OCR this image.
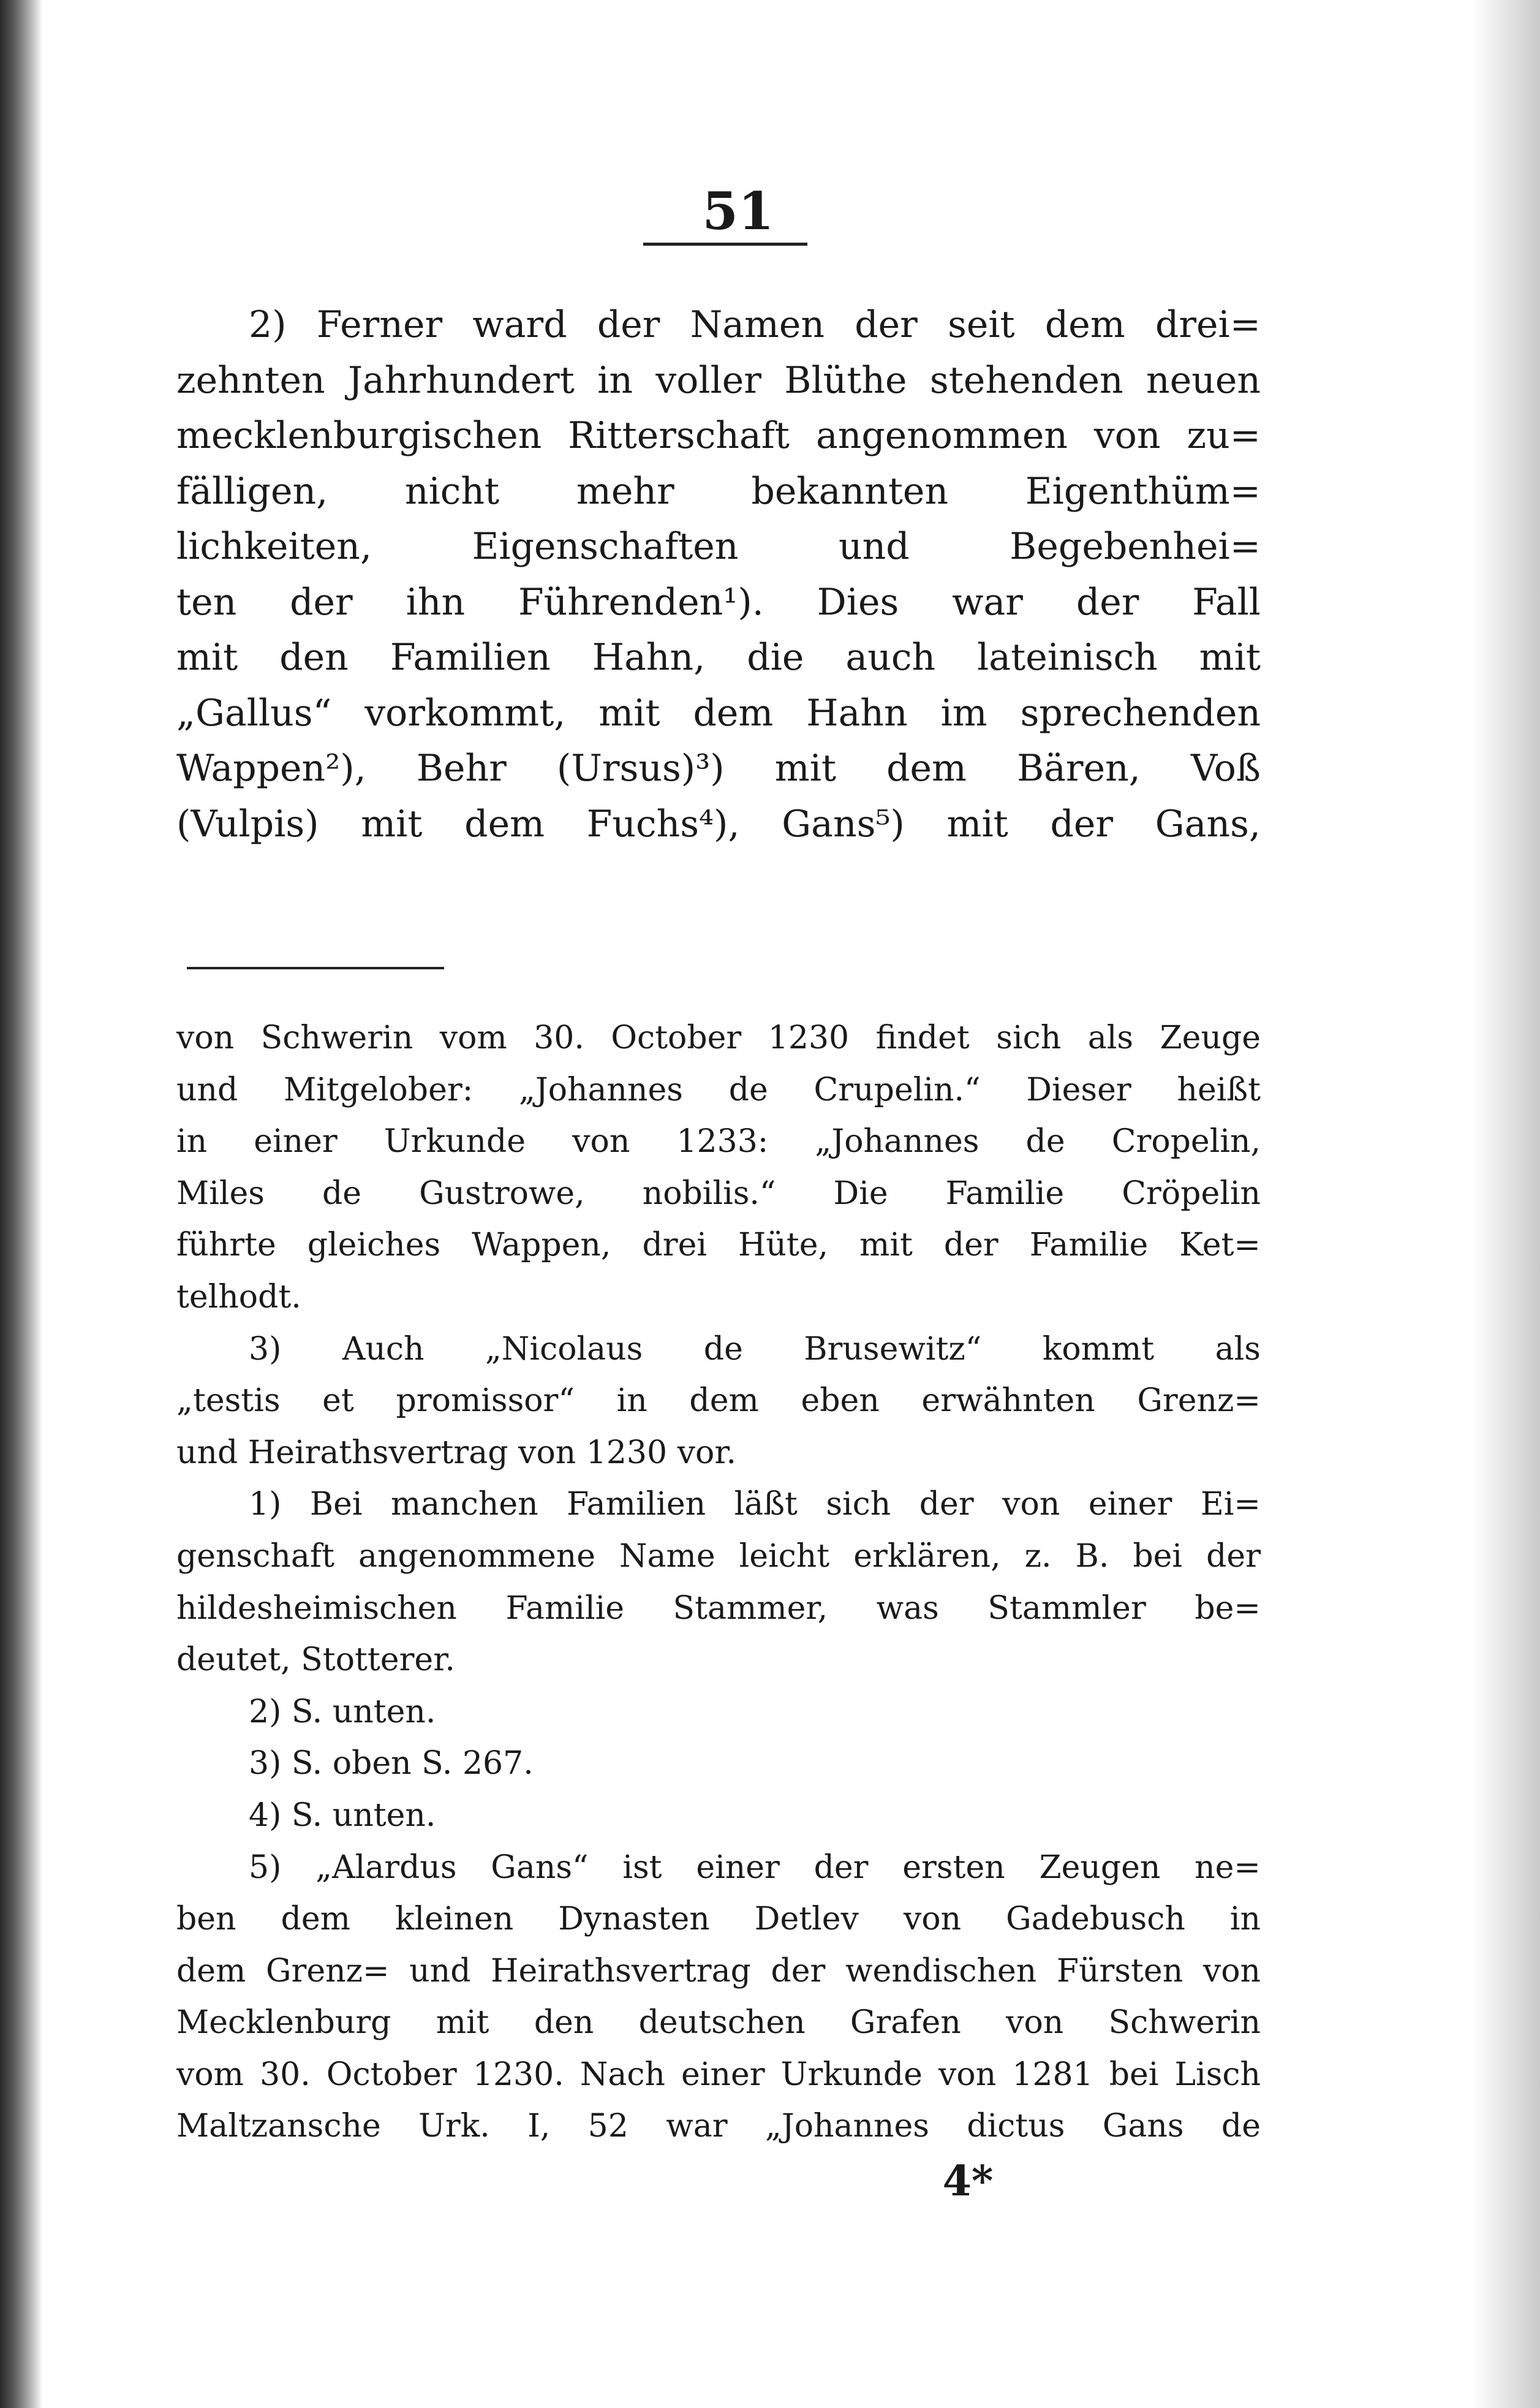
51
2) Ferner ward der Namen der seit dem drei=
zehnten Jahrhundert in voller Blüthe stehenden neuen
mecklenburgischen Ritterschaft angenommen von zu=
fälligen, nicht mehr bekannten Eigenthüm=
lichkeiten, Eigenschaften und Begebenhei=
ten der ihn Führenden¹). Dies war der Fall
mit den Familien Hahn, die auch lateinisch mit
„Gallus“ vorkommt, mit dem Hahn im sprechenden
Wappen²), Behr (Ursus)³) mit dem Bären, Voß
(Vulpis) mit dem Fuchs⁴), Gans⁵) mit der Gans,
von Schwerin vom 30. October 1230 findet sich als Zeuge
und Mitgelober: „Johannes de Crupelin.“ Dieser heißt
in einer Urkunde von 1233: „Johannes de Cropelin,
Miles de Gustrowe, nobilis.“ Die Familie Cröpelin
führte gleiches Wappen, drei Hüte, mit der Familie Ket=
telhodt.
3) Auch „Nicolaus de Brusewitz“ kommt als
„testis et promissor“ in dem eben erwähnten Grenz=
und Heirathsvertrag von 1230 vor.
1) Bei manchen Familien läßt sich der von einer Ei=
genschaft angenommene Name leicht erklären, z. B. bei der
hildesheimischen Familie Stammer, was Stammler be=
deutet, Stotterer.
2) S. unten.
3) S. oben S. 267.
4) S. unten.
5) „Alardus Gans“ ist einer der ersten Zeugen ne=
ben dem kleinen Dynasten Detlev von Gadebusch in
dem Grenz= und Heirathsvertrag der wendischen Fürsten von
Mecklenburg mit den deutschen Grafen von Schwerin
vom 30. October 1230. Nach einer Urkunde von 1281 bei Lisch
Maltzansche Urk. I, 52 war „Johannes dictus Gans de
4*
